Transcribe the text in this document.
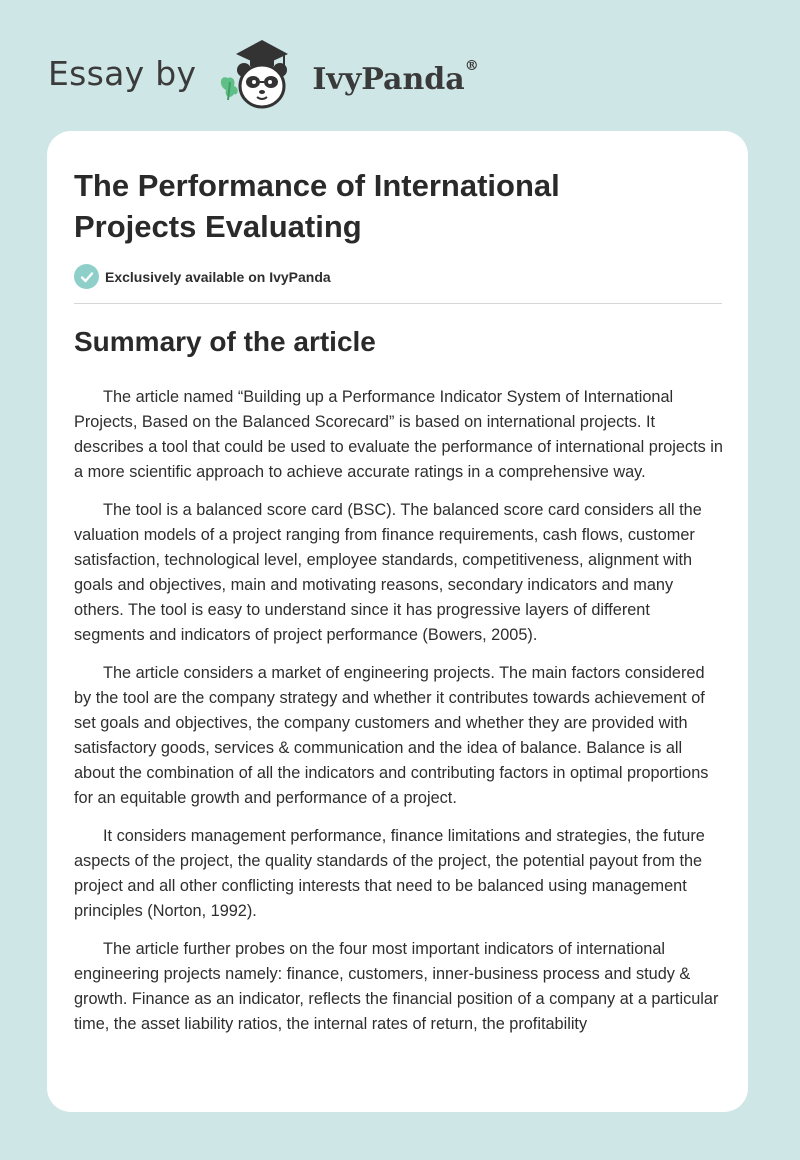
Essay by	IvyPanda®
The Performance of International Projects Evaluating
Exclusively available on IvyPanda
Summary of the article

The article named “Building up a Performance Indicator System of International Projects, Based on the Balanced Scorecard” is based on international projects. It describes a tool that could be used to evaluate the performance of international projects in a more scientific approach to achieve accurate ratings in a comprehensive way.

The tool is a balanced score card (BSC). The balanced score card considers all the valuation models of a project ranging from finance requirements, cash flows, customer satisfaction, technological level, employee standards, competitiveness, alignment with goals and objectives, main and motivating reasons, secondary indicators and many others. The tool is easy to understand since it has progressive layers of different segments and indicators of project performance (Bowers, 2005).

The article considers a market of engineering projects. The main factors considered by the tool are the company strategy and whether it contributes towards achievement of set goals and objectives, the company customers and whether they are provided with satisfactory goods, services & communication and the idea of balance. Balance is all about the combination of all the indicators and contributing factors in optimal proportions for an equitable growth and performance of a project.

It considers management performance, finance limitations and strategies, the future aspects of the project, the quality standards of the project, the potential payout from the project and all other conflicting interests that need to be balanced using management principles (Norton, 1992).

The article further probes on the four most important indicators of international engineering projects namely: finance, customers, inner-business process and study & growth. Finance as an indicator, reflects the financial position of a company at a particular time, the asset liability ratios, the internal rates of return, the profitability
